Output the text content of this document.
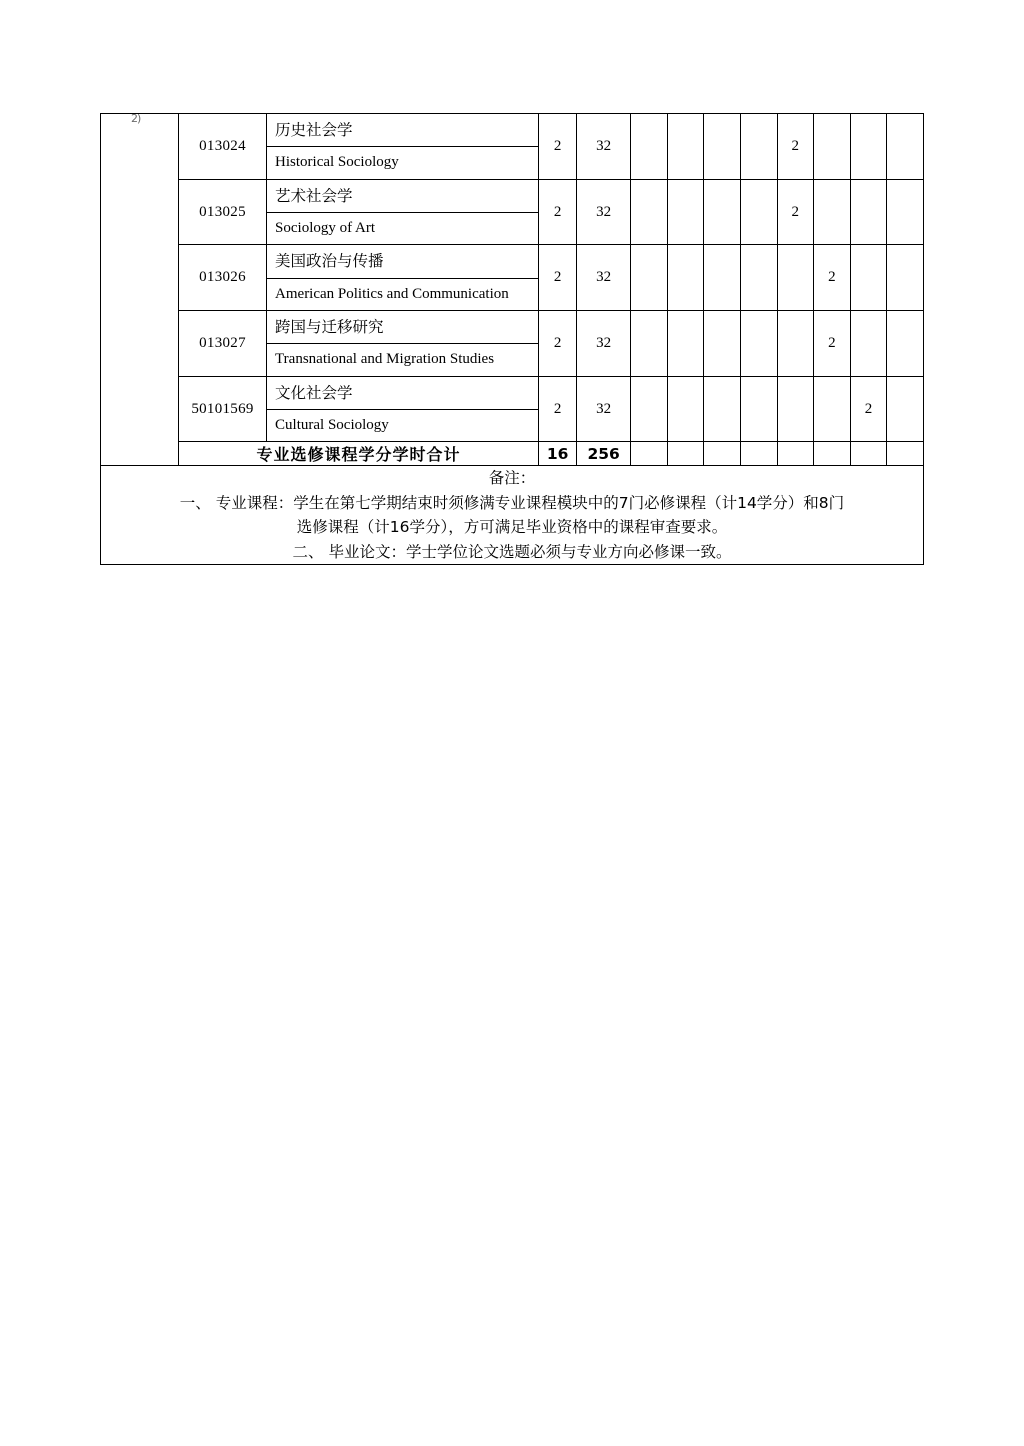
2)
	013024	历史社会学
Historical Sociology	2	32					2			
	013025	艺术社会学
Sociology of Art	2	32					2			
	013026	美国政治与传播
American Politics and Communication	2	32						2		
	013027	跨国与迁移研究
Transnational and Migration Studies	2	32						2		
	50101569	文化社会学
Cultural Sociology	2	32							2	
	专业选修课程学分学时合计		16	256								

备注：

一、 专业课程：学生在第七学期结束时须修满专业课程模块中的7门必修课程（计14学分）和8门

选修课程（计16学分），方可满足毕业资格中的课程审查要求。

二、 毕业论文：学士学位论文选题必须与专业方向必修课一致。												
